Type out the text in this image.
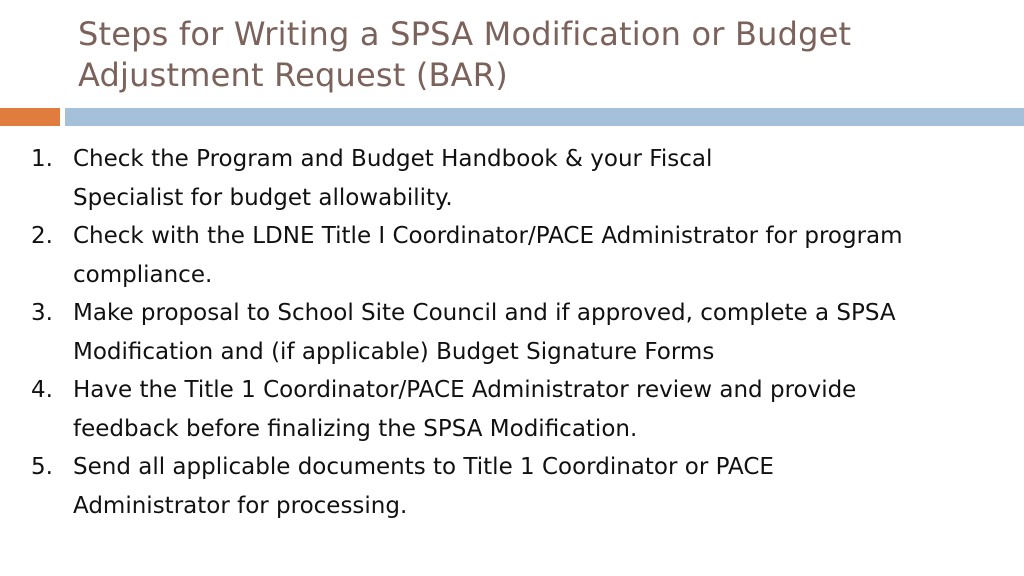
Steps for Writing a SPSA Modification or Budget Adjustment Request (BAR)
1. Check the Program and Budget Handbook & your Fiscal
Specialist for budget allowability.
2. Check with the LDNE Title I Coordinator/PACE Administrator for program
compliance.
3. Make proposal to School Site Council and if approved, complete a SPSA
Modification and (if applicable) Budget Signature Forms
4. Have the Title 1 Coordinator/PACE Administrator review and provide
feedback before finalizing the SPSA Modification.
5. Send all applicable documents to Title 1 Coordinator or PACE
Administrator for processing.
